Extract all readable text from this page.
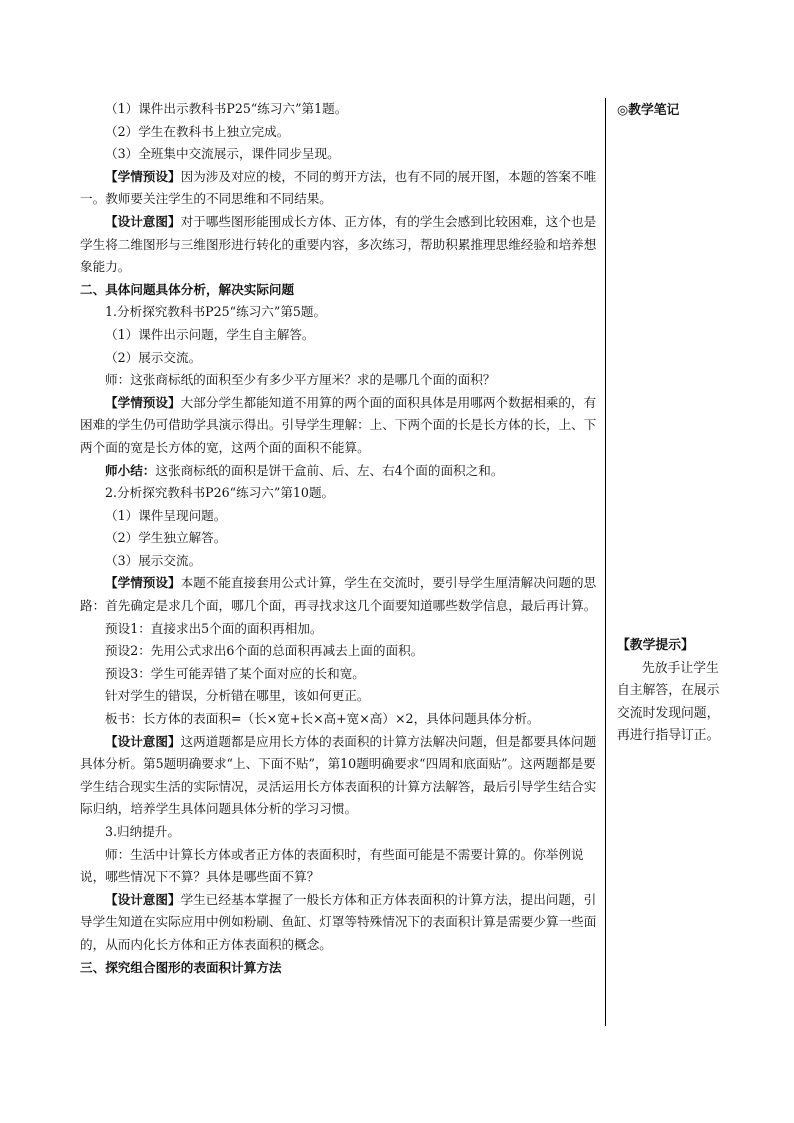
（1）课件出示教科书P25“练习六”第1题。

（2）学生在教科书上独立完成。

（3）全班集中交流展示，课件同步呈现。

【学情预设】因为涉及对应的棱，不同的剪开方法，也有不同的展开图，本题的答案不唯一。教师要关注学生的不同思维和不同结果。

【设计意图】对于哪些图形能围成长方体、正方体，有的学生会感到比较困难，这个也是学生将二维图形与三维图形进行转化的重要内容，多次练习，帮助积累推理思维经验和培养想象能力。

二、具体问题具体分析，解决实际问题

1.分析探究教科书P25“练习六”第5题。

（1）课件出示问题，学生自主解答。

（2）展示交流。

师：这张商标纸的面积至少有多少平方厘米？求的是哪几个面的面积？

【学情预设】大部分学生都能知道不用算的两个面的面积具体是用哪两个数据相乘的，有困难的学生仍可借助学具演示得出。引导学生理解：上、下两个面的长是长方体的长，上、下两个面的宽是长方体的宽，这两个面的面积不能算。

师小结：这张商标纸的面积是饼干盒前、后、左、右4个面的面积之和。

2.分析探究教科书P26“练习六”第10题。

（1）课件呈现问题。

（2）学生独立解答。

（3）展示交流。

【学情预设】本题不能直接套用公式计算，学生在交流时，要引导学生厘清解决问题的思路：首先确定是求几个面，哪几个面，再寻找求这几个面要知道哪些数学信息，最后再计算。

预设1：直接求出5个面的面积再相加。

预设2：先用公式求出6个面的总面积再减去上面的面积。

预设3：学生可能弄错了某个面对应的长和宽。

针对学生的错误，分析错在哪里，该如何更正。

板书：长方体的表面积=（长×宽+长×高+宽×高）×2，具体问题具体分析。

【设计意图】这两道题都是应用长方体的表面积的计算方法解决问题，但是都要具体问题具体分析。第5题明确要求“上、下面不贴”，第10题明确要求“四周和底面贴”。这两题都是要学生结合现实生活的实际情况，灵活运用长方体表面积的计算方法解答，最后引导学生结合实际归纳，培养学生具体问题具体分析的学习习惯。

3.归纳提升。

师：生活中计算长方体或者正方体的表面积时，有些面可能是不需要计算的。你举例说说，哪些情况下不算？具体是哪些面不算？

【设计意图】学生已经基本掌握了一般长方体和正方体表面积的计算方法，提出问题，引导学生知道在实际应用中例如粉刷、鱼缸、灯罩等特殊情况下的表面积计算是需要少算一些面的，从而内化长方体和正方体表面积的概念。

三、探究组合图形的表面积计算方法

◎教学笔记

【教学提示】

先放手让学生自主解答，在展示交流时发现问题，再进行指导订正。
